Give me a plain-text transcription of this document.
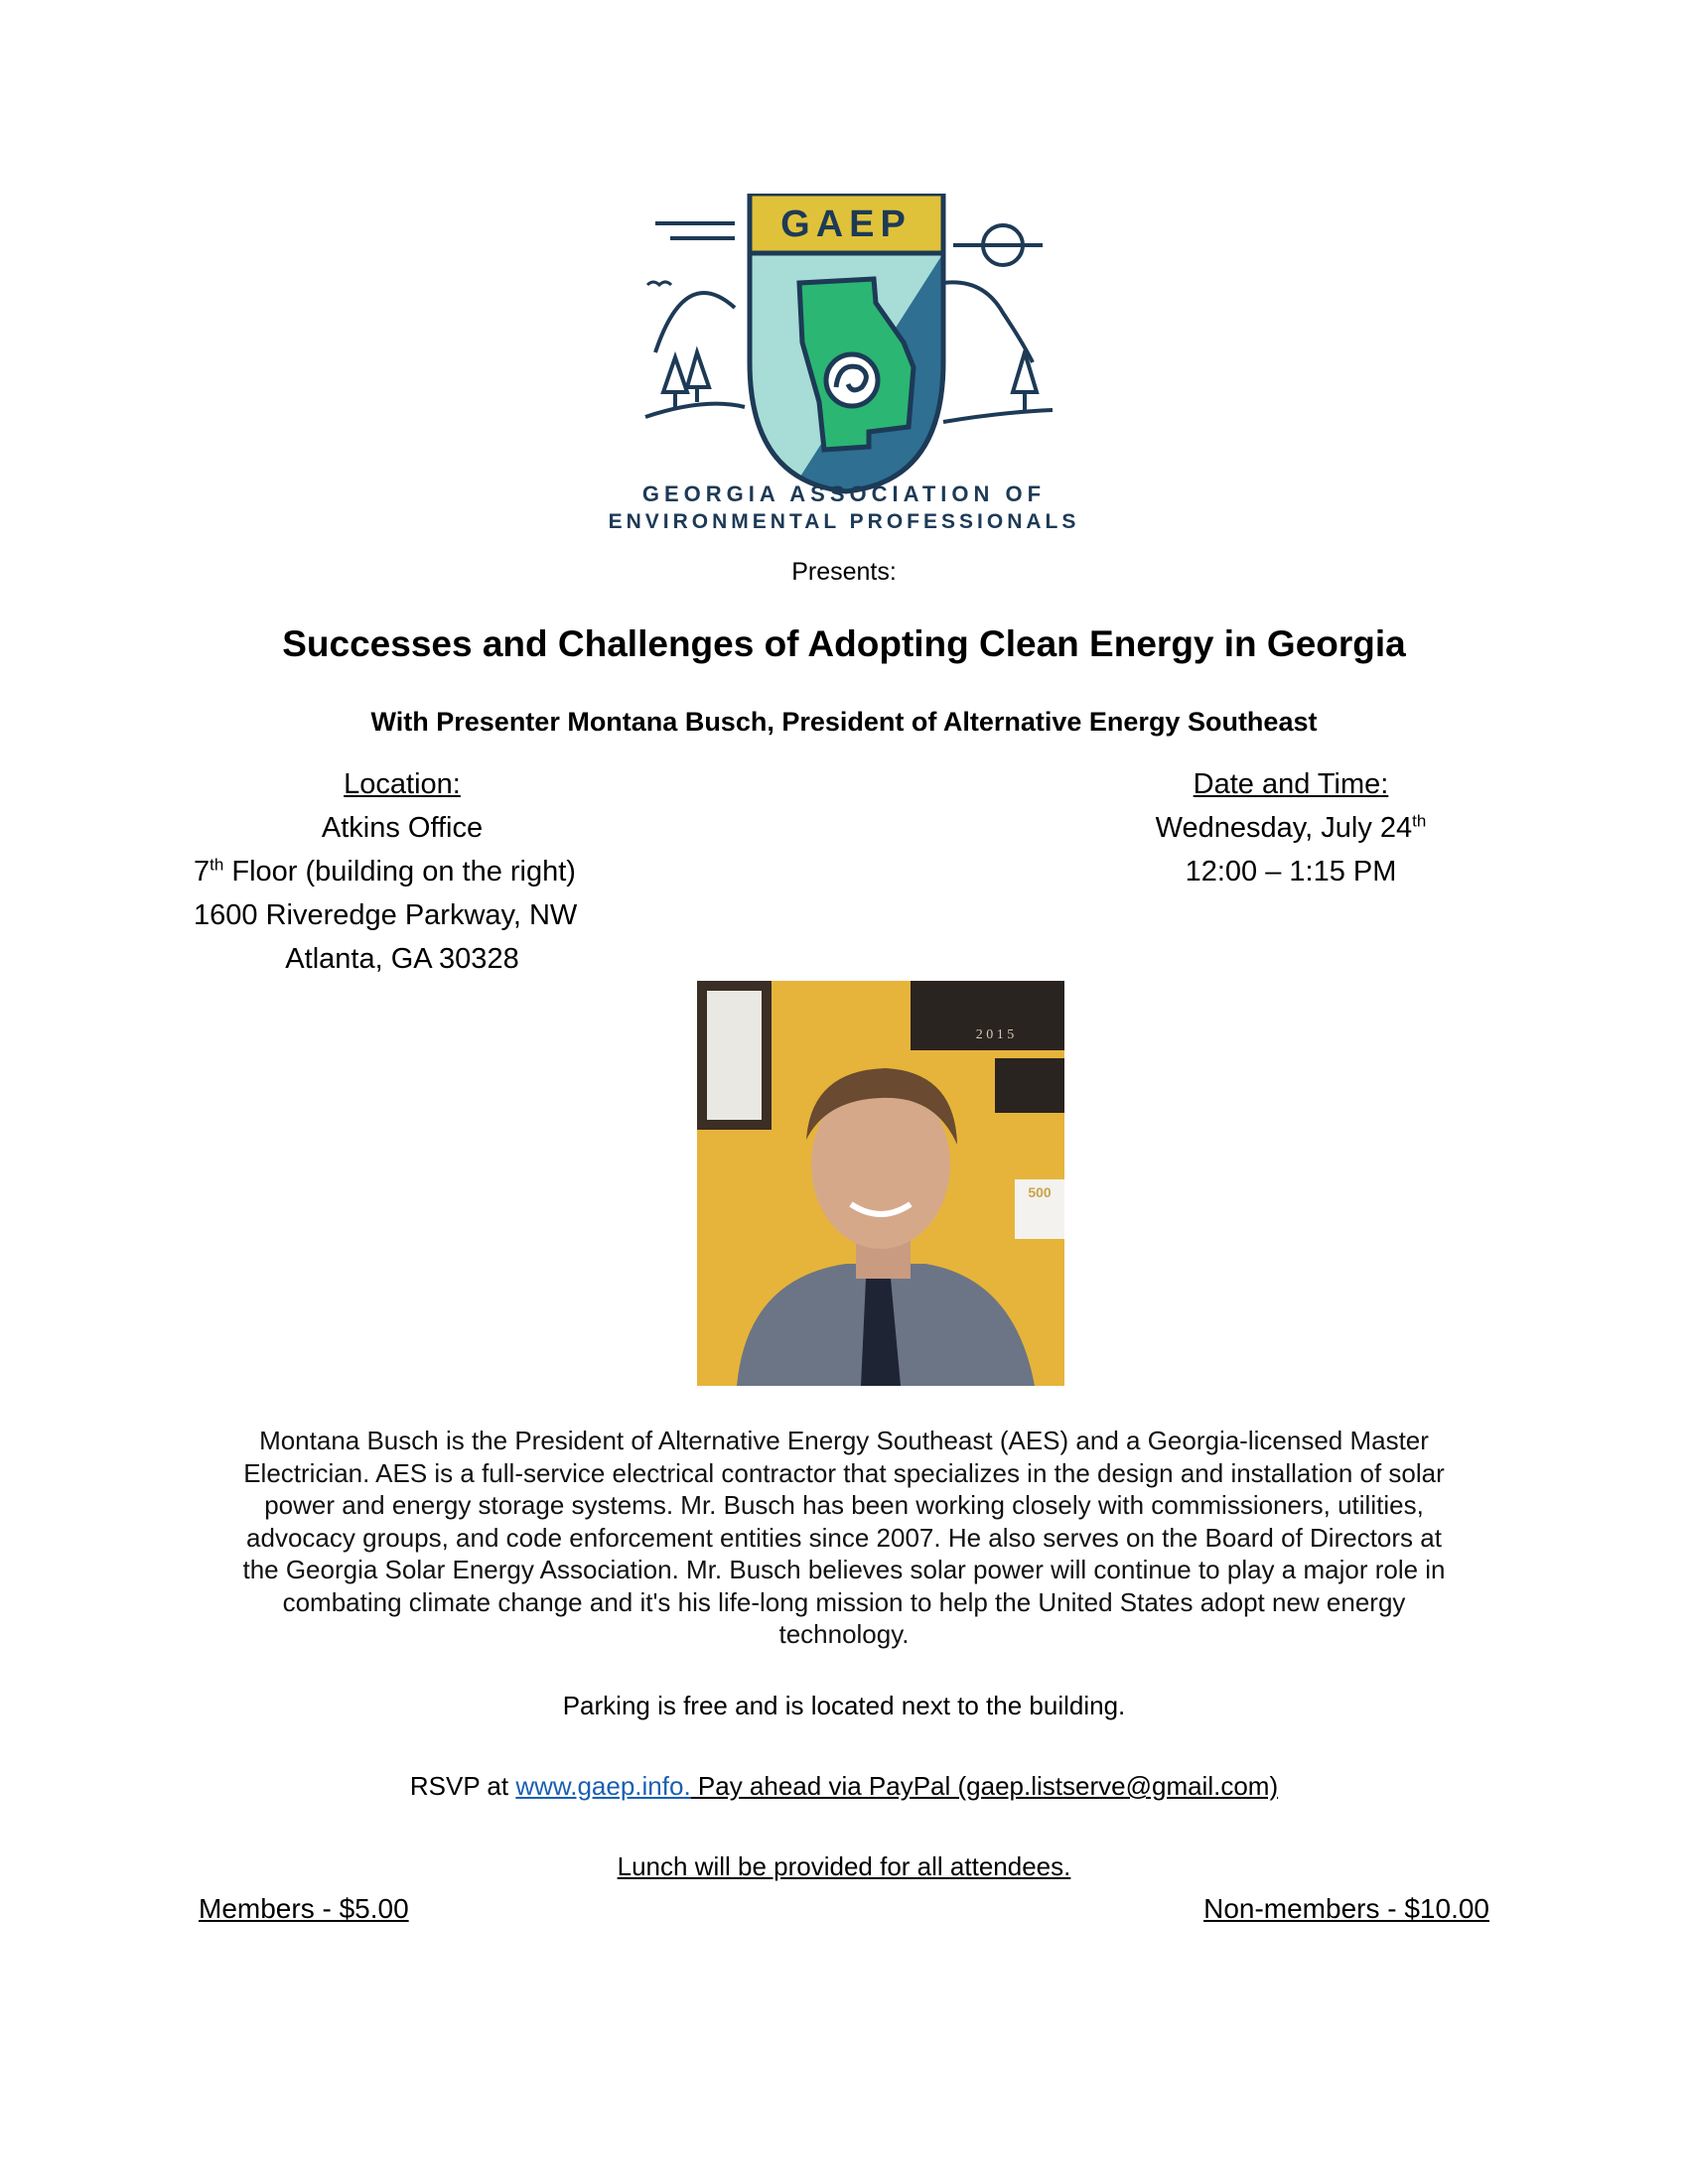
GAEP
GEORGIA ASSOCIATION OF
ENVIRONMENTAL PROFESSIONALS
Presents:
Successes and Challenges of Adopting Clean Energy in Georgia
With Presenter Montana Busch, President of Alternative Energy Southeast
Location:
Atkins Office
7th Floor (building on the right)
1600 Riveredge Parkway, NW
Atlanta, GA 30328
Date and Time:
Wednesday, July 24th
12:00 – 1:15 PM
2 0 1 5
500
Montana Busch is the President of Alternative Energy Southeast (AES) and a Georgia-licensed Master
Electrician. AES is a full-service electrical contractor that specializes in the design and installation of solar
power and energy storage systems. Mr. Busch has been working closely with commissioners, utilities,
advocacy groups, and code enforcement entities since 2007. He also serves on the Board of Directors at
the Georgia Solar Energy Association. Mr. Busch believes solar power will continue to play a major role in
combating climate change and it's his life-long mission to help the United States adopt new energy
technology.
Parking is free and is located next to the building.
RSVP at www.gaep.info. Pay ahead via PayPal (gaep.listserve@gmail.com)
Lunch will be provided for all attendees.
Members - $5.00	Non-members - $10.00
